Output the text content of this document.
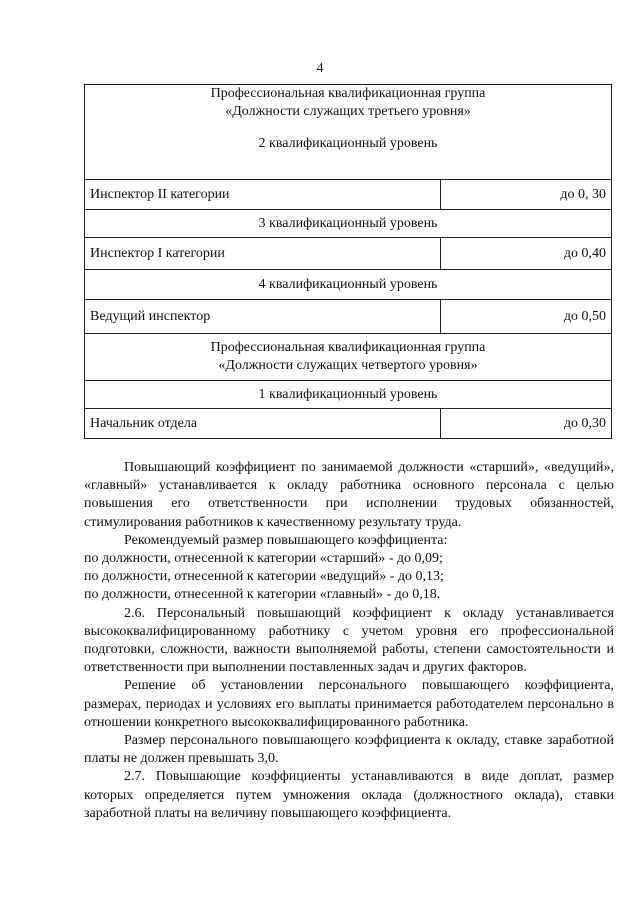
4
Профессиональная квалификационная группа
«Должности служащих третьего уровня»
2 квалификационный уровень	

Инспектор II категории	до 0, 30
3 квалификационный уровень	
Инспектор I категории	до 0,40
4 квалификационный уровень	
Ведущий инспектор	до 0,50

Профессиональная квалификационная группа
«Должности служащих четвертого уровня»	

1 квалификационный уровень	
Начальник отдела	до 0,30

Повышающий коэффициент по занимаемой должности «старший», «ведущий», «главный» устанавливается к окладу работника основного персонала с целью повышения его ответственности при исполнении трудовых обязанностей, стимулирования работников к качественному результату труда.

Рекомендуемый размер повышающего коэффициента:

по должности, отнесенной к категории «старший» - до 0,09;

по должности, отнесенной к категории «ведущий» - до 0,13;

по должности, отнесенной к категории «главный» - до 0,18.

2.6. Персональный повышающий коэффициент к окладу устанавливается высококвалифицированному работнику с учетом уровня его профессиональной подготовки, сложности, важности выполняемой работы, степени самостоятельности и ответственности при выполнении поставленных задач и других факторов.

Решение об установлении персонального повышающего коэффициента, размерах, периодах и условиях его выплаты принимается работодателем персонально в отношении конкретного высококвалифицированного работника.

Размер персонального повышающего коэффициента к окладу, ставке заработной платы не должен превышать 3,0.

2.7. Повышающие коэффициенты устанавливаются в виде доплат, размер которых определяется путем умножения оклада (должностного оклада), ставки заработной платы на величину повышающего коэффициента.
